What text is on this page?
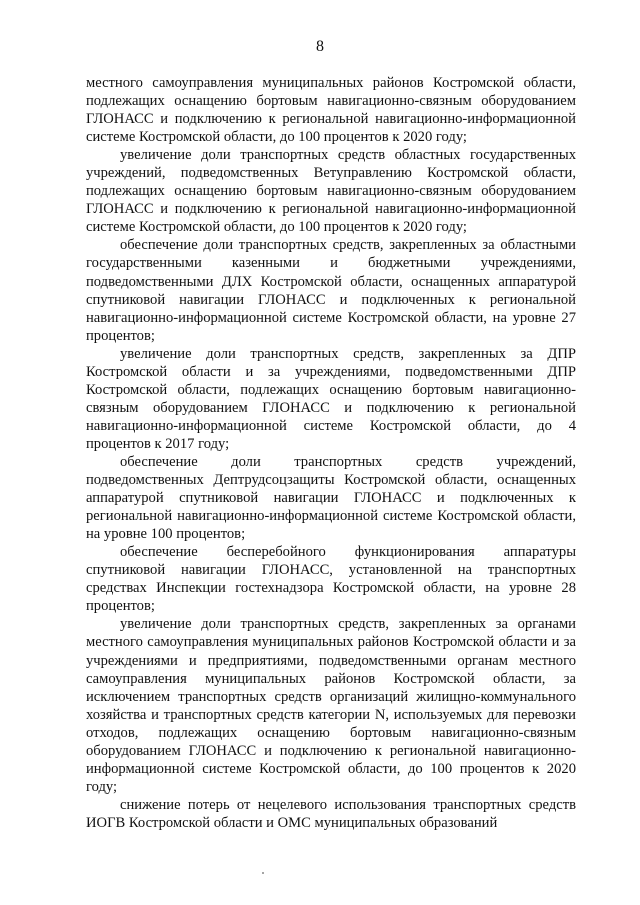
8

местного самоуправления муниципальных районов Костромской области, подлежащих оснащению бортовым навигационно-связным оборудованием ГЛОНАСС и подключению к региональной навигационно-информационной системе Костромской области, до 100 процентов к 2020 году;

увеличение доли транспортных средств областных государственных учреждений, подведомственных Ветуправлению Костромской области, подлежащих оснащению бортовым навигационно-связным оборудованием ГЛОНАСС и подключению к региональной навигационно-информационной системе Костромской области, до 100 процентов к 2020 году;

обеспечение доли транспортных средств, закрепленных за областными государственными казенными и бюджетными учреждениями, подведомственными ДЛХ Костромской области, оснащенных аппаратурой спутниковой навигации ГЛОНАСС и подключенных к региональной навигационно-информационной системе Костромской области, на уровне 27 процентов;

увеличение доли транспортных средств, закрепленных за ДПР Костромской области и за учреждениями, подведомственными ДПР Костромской области, подлежащих оснащению бортовым навигационно-связным оборудованием ГЛОНАСС и подключению к региональной навигационно-информационной системе Костромской области, до 4 процентов к 2017 году;

обеспечение доли транспортных средств учреждений, подведомственных Дептрудсоцзащиты Костромской области, оснащенных аппаратурой спутниковой навигации ГЛОНАСС и подключенных к региональной навигационно-информационной системе Костромской области, на уровне 100 процентов;

обеспечение бесперебойного функционирования аппаратуры спутниковой навигации ГЛОНАСС, установленной на транспортных средствах Инспекции гостехнадзора Костромской области, на уровне 28 процентов;

увеличение доли транспортных средств, закрепленных за органами местного самоуправления муниципальных районов Костромской области и за учреждениями и предприятиями, подведомственными органам местного самоуправления муниципальных районов Костромской области, за исключением транспортных средств организаций жилищно-коммунального хозяйства и транспортных средств категории N, используемых для перевозки отходов, подлежащих оснащению бортовым навигационно-связным оборудованием ГЛОНАСС и подключению к региональной навигационно-информационной системе Костромской области, до 100 процентов к 2020 году;

снижение потерь от нецелевого использования транспортных средств ИОГВ Костромской области и ОМС муниципальных образований
